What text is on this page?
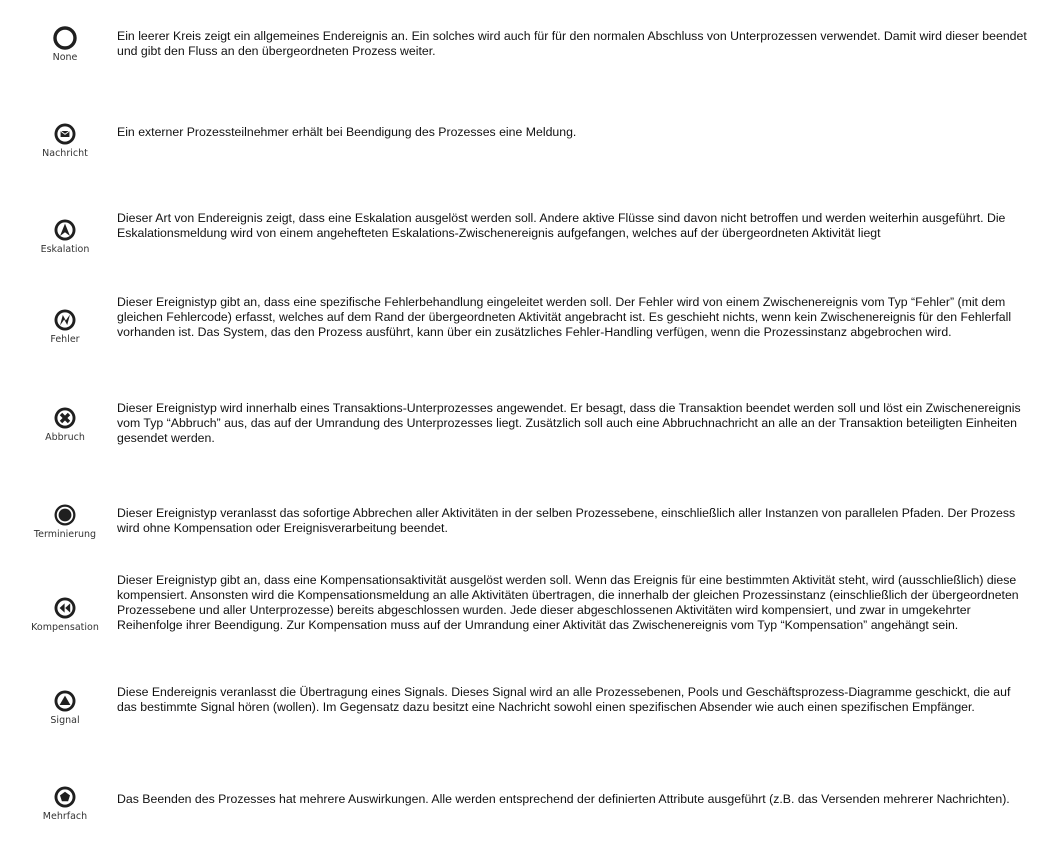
None

Ein leerer Kreis zeigt ein allgemeines Endereignis an. Ein solches wird auch für für den normalen Abschluss von Unterprozessen verwendet. Damit wird dieser beendet und gibt den Fluss an den übergeordneten Prozess weiter.

Nachricht

Ein externer Prozessteilnehmer erhält bei Beendigung des Prozesses eine Meldung.

Eskalation

Dieser Art von Endereignis zeigt, dass eine Eskalation ausgelöst werden soll. Andere aktive Flüsse sind davon nicht betroffen und werden weiterhin ausgeführt. Die Eskalationsmeldung wird von einem angehefteten Eskalations-Zwischenereignis aufgefangen, welches auf der übergeordneten Aktivität liegt

Fehler

Dieser Ereignistyp gibt an, dass eine spezifische Fehlerbehandlung eingeleitet werden soll. Der Fehler wird von einem Zwischenereignis vom Typ “Fehler” (mit dem gleichen Fehlercode) erfasst, welches auf dem Rand der übergeordneten Aktivität angebracht ist. Es geschieht nichts, wenn kein Zwischenereignis für den Fehlerfall vorhanden ist. Das System, das den Prozess ausführt, kann über ein zusätzliches Fehler-Handling verfügen, wenn die Prozessinstanz abgebrochen wird.

Abbruch

Dieser Ereignistyp wird innerhalb eines Transaktions-Unterprozesses angewendet. Er besagt, dass die Transaktion beendet werden soll und löst ein Zwischenereignis vom Typ “Abbruch” aus, das auf der Umrandung des Unterprozesses liegt. Zusätzlich soll auch eine Abbruchnachricht an alle an der Transaktion beteiligten Einheiten gesendet werden.

Terminierung

Dieser Ereignistyp veranlasst das sofortige Abbrechen aller Aktivitäten in der selben Prozessebene, einschließlich aller Instanzen von parallelen Pfaden. Der Prozess wird ohne Kompensation oder Ereignisverarbeitung beendet.

Kompensation

Dieser Ereignistyp gibt an, dass eine Kompensationsaktivität ausgelöst werden soll. Wenn das Ereignis für eine bestimmten Aktivität steht, wird (ausschließlich) diese kompensiert. Ansonsten wird die Kompensationsmeldung an alle Aktivitäten übertragen, die innerhalb der gleichen Prozessinstanz (einschließlich der übergeordneten Prozessebene und aller Unterprozesse) bereits abgeschlossen wurden. Jede dieser abgeschlossenen Aktivitäten wird kompensiert, und zwar in umgekehrter Reihenfolge ihrer Beendigung. Zur Kompensation muss auf der Umrandung einer Aktivität das Zwischenereignis vom Typ “Kompensation” angehängt sein.

Signal

Diese Endereignis veranlasst die Übertragung eines Signals. Dieses Signal wird an alle Prozessebenen, Pools und Geschäftsprozess-Diagramme geschickt, die auf das bestimmte Signal hören (wollen). Im Gegensatz dazu besitzt eine Nachricht sowohl einen spezifischen Absender wie auch einen spezifischen Empfänger.

Mehrfach

Das Beenden des Prozesses hat mehrere Auswirkungen. Alle werden entsprechend der definierten Attribute ausgeführt (z.B. das Versenden mehrerer Nachrichten).
